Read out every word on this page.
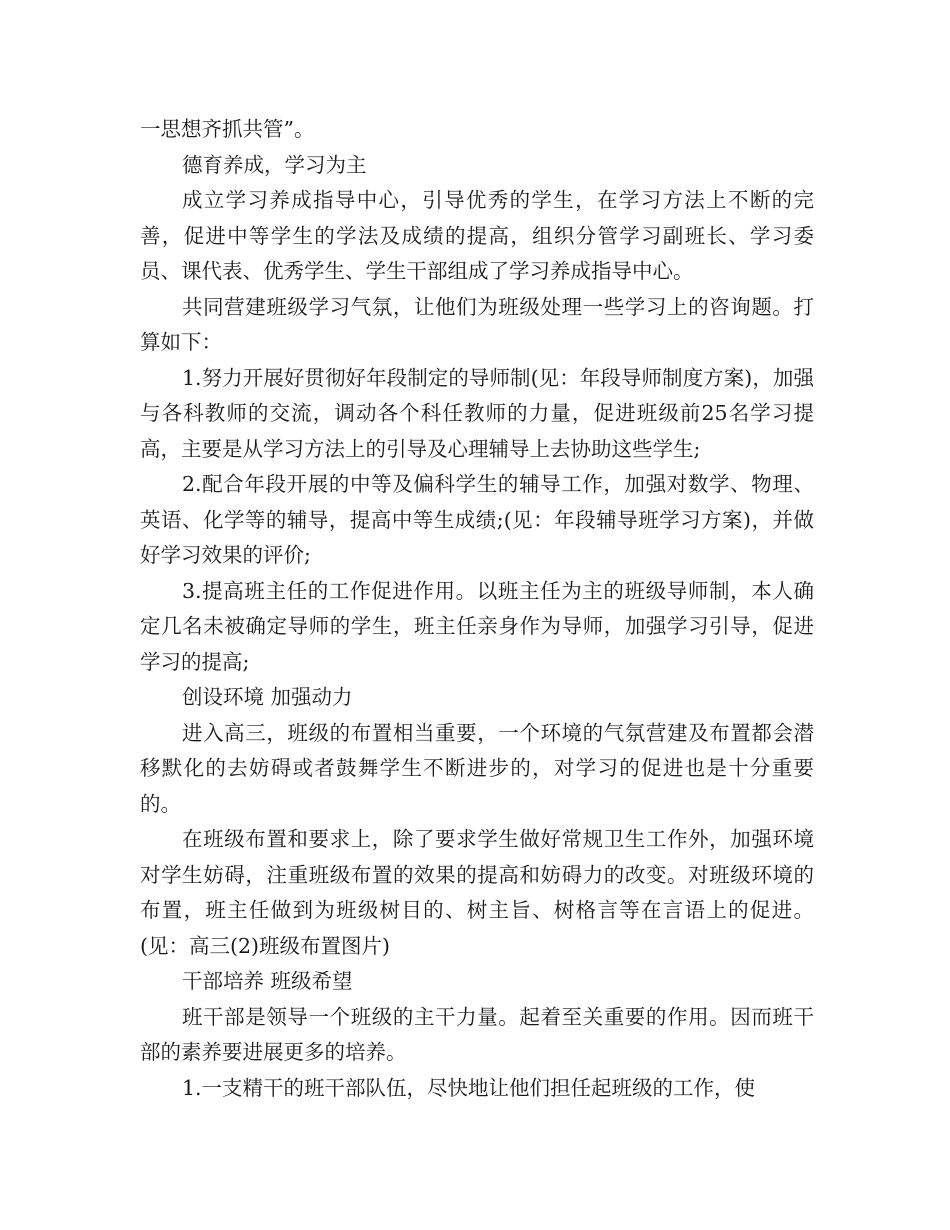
一思想齐抓共管”。

德育养成，学习为主

成立学习养成指导中心，引导优秀的学生，在学习方法上不断的完善，促进中等学生的学法及成绩的提高，组织分管学习副班长、学习委员、课代表、优秀学生、学生干部组成了学习养成指导中心。

共同营建班级学习气氛，让他们为班级处理一些学习上的咨询题。打算如下：

1.努力开展好贯彻好年段制定的导师制(见：年段导师制度方案)，加强与各科教师的交流，调动各个科任教师的力量，促进班级前25名学习提高，主要是从学习方法上的引导及心理辅导上去协助这些学生;

2.配合年段开展的中等及偏科学生的辅导工作，加强对数学、物理、英语、化学等的辅导，提高中等生成绩;(见：年段辅导班学习方案)，并做好学习效果的评价;

3.提高班主任的工作促进作用。以班主任为主的班级导师制，本人确定几名未被确定导师的学生，班主任亲身作为导师，加强学习引导，促进学习的提高;

创设环境 加强动力

进入高三，班级的布置相当重要，一个环境的气氛营建及布置都会潜移默化的去妨碍或者鼓舞学生不断进步的，对学习的促进也是十分重要的。

在班级布置和要求上，除了要求学生做好常规卫生工作外，加强环境对学生妨碍，注重班级布置的效果的提高和妨碍力的改变。对班级环境的布置，班主任做到为班级树目的、树主旨、树格言等在言语上的促进。(见：高三(2)班级布置图片)

干部培养 班级希望

班干部是领导一个班级的主干力量。起着至关重要的作用。因而班干部的素养要进展更多的培养。

1.一支精干的班干部队伍，尽快地让他们担任起班级的工作，使
